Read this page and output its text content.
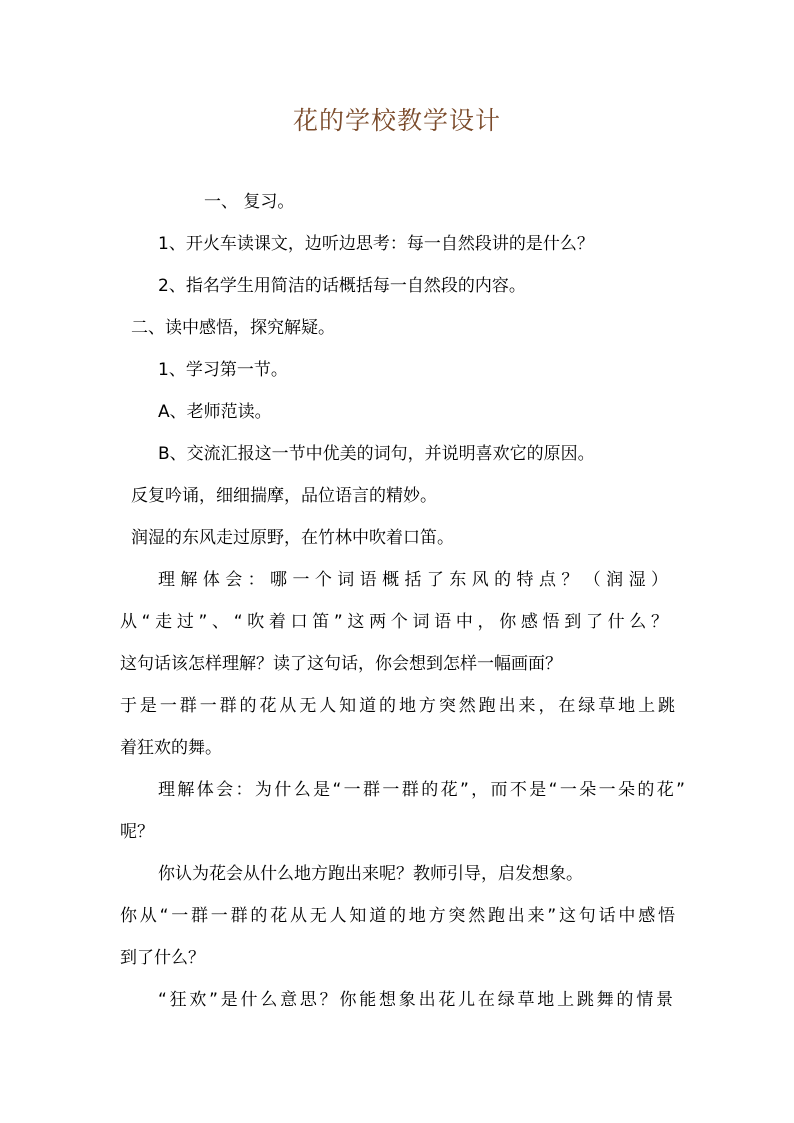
花的学校教学设计
一、 复习。
1、开火车读课文，边听边思考：每一自然段讲的是什么？
2、指名学生用简洁的话概括每一自然段的内容。
二、读中感悟，探究解疑。
1、学习第一节。
A、老师范读。
B、交流汇报这一节中优美的词句，并说明喜欢它的原因。
反复吟诵，细细揣摩，品位语言的精妙。
润湿的东风走过原野，在竹林中吹着口笛。
理解体会：哪一个词语概括了东风的特点？（润湿）
从“走过”、“吹着口笛”这两个词语中，你感悟到了什么？
这句话该怎样理解？读了这句话，你会想到怎样一幅画面？
于是一群一群的花从无人知道的地方突然跑出来，在绿草地上跳
着狂欢的舞。
理解体会：为什么是“一群一群的花”，而不是“一朵一朵的花”
呢？
你认为花会从什么地方跑出来呢？教师引导，启发想象。
你从“一群一群的花从无人知道的地方突然跑出来”这句话中感悟
到了什么？
“狂欢”是什么意思？你能想象出花儿在绿草地上跳舞的情景
